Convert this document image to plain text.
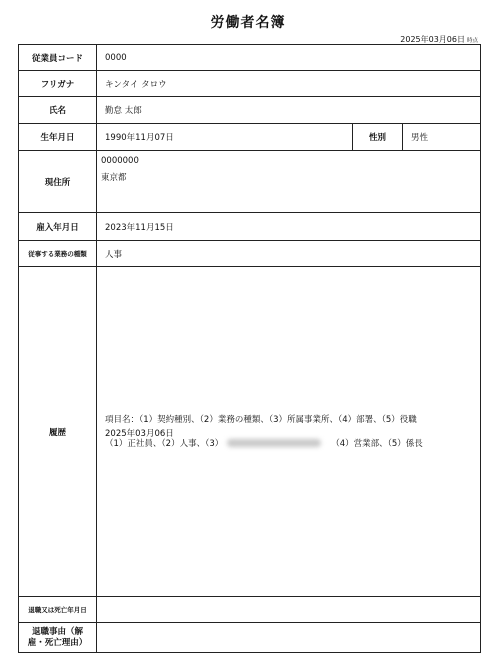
労働者名簿
2025年03月06日 時点
従業員コード	0000		
フリガナ	キンタイ タロウ		
氏名	勤怠 太郎		
生年月日	1990年11月07日	性別	男性
現住所	0000000
東京都		

雇入年月日	2023年11月15日		
従事する業務の種類	人事		
履歴	項目名：（1）契約種別、（2）業務の種類、（3）所属事業所、（4）部署、（5）役職
2025年03月06日
（1）正社員、（2）人事、（3） （4）営業部、（5）係長		

退職又は死亡年月日			
退職事由（解雇・死亡理由）			
